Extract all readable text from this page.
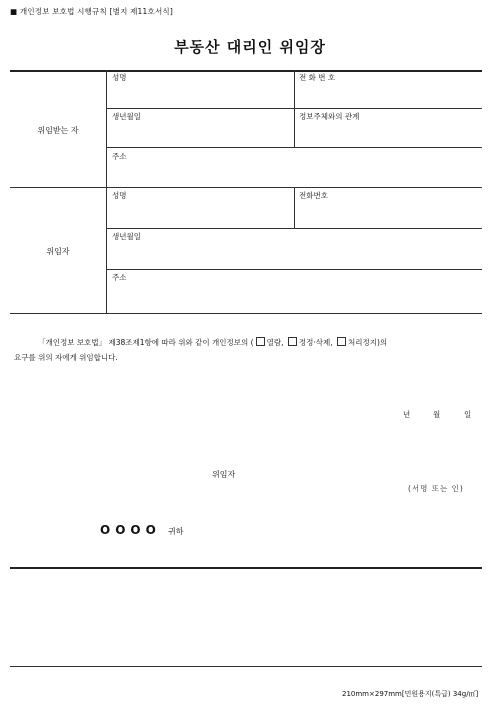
■ 개인정보 보호법 시행규칙 [별지 제11호서식]
부동산 대리인 위임장
위임받는 자
성명	전 화 번 호
생년월일	정보주체와의 관계
주소
위임자
성명	전화번호
생년월일
주소
「개인정보 보호법」 제38조제1항에 따라 위와 같이 개인정보의 ( 열람, 정정·삭제, 처리정지)의
요구를 위의 자에게 위임합니다.
년	월	일
위임자
(서명 또는 인)
OOOO 귀하
210mm×297mm[민원용지(특급) 34g/㎡]
